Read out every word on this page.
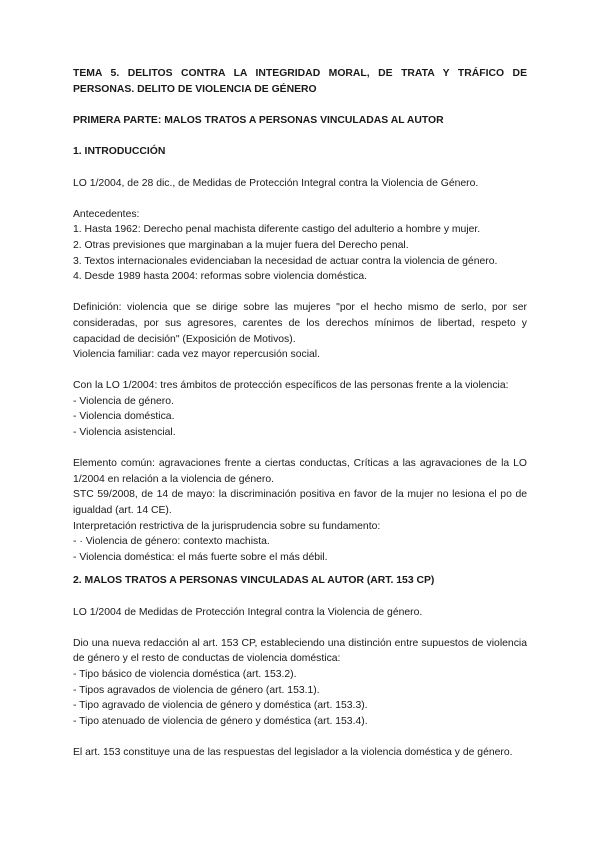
TEMA 5. DELITOS CONTRA LA INTEGRIDAD MORAL, DE TRATA Y TRÁFICO DE PERSONAS. DELITO DE VIOLENCIA DE GÉNERO

PRIMERA PARTE: MALOS TRATOS A PERSONAS VINCULADAS AL AUTOR

1. INTRODUCCIÓN

LO 1/2004, de 28 dic., de Medidas de Protección Integral contra la Violencia de Género.

Antecedentes:

1. Hasta 1962: Derecho penal machista diferente castigo del adulterio a hombre y mujer.

2. Otras previsiones que marginaban a la mujer fuera del Derecho penal.

3. Textos internacionales evidenciaban la necesidad de actuar contra la violencia de género.

4. Desde 1989 hasta 2004: reformas sobre violencia doméstica.

Definición: violencia que se dirige sobre las mujeres "por el hecho mismo de serlo, por ser consideradas, por sus agresores, carentes de los derechos mínimos de libertad, respeto y capacidad de decisión" (Exposición de Motivos).

Violencia familiar: cada vez mayor repercusión social.

Con la LO 1/2004: tres ámbitos de protección específicos de las personas frente a la violencia:

- Violencia de género.

- Violencia doméstica.

- Violencia asistencial.

Elemento común: agravaciones frente a ciertas conductas, Críticas a las agravaciones de la LO 1/2004 en relación a la violencia de género.

STC 59/2008, de 14 de mayo: la discriminación positiva en favor de la mujer no lesiona el po de igualdad (art. 14 CE).

Interpretación restrictiva de la jurisprudencia sobre su fundamento:

- · Violencia de género: contexto machista.

- Violencia doméstica: el más fuerte sobre el más débil.

2. MALOS TRATOS A PERSONAS VINCULADAS AL AUTOR (ART. 153 CP)

LO 1/2004 de Medidas de Protección Integral contra la Violencia de género.

Dio una nueva redacción al art. 153 CP, estableciendo una distinción entre supuestos de violencia de género y el resto de conductas de violencia doméstica:

- Tipo básico de violencia doméstica (art. 153.2).

- Tipos agravados de violencia de género (art. 153.1).

- Tipo agravado de violencia de género y doméstica (art. 153.3).

- Tipo atenuado de violencia de género y doméstica (art. 153.4).

El art. 153 constituye una de las respuestas del legislador a la violencia doméstica y de género.
